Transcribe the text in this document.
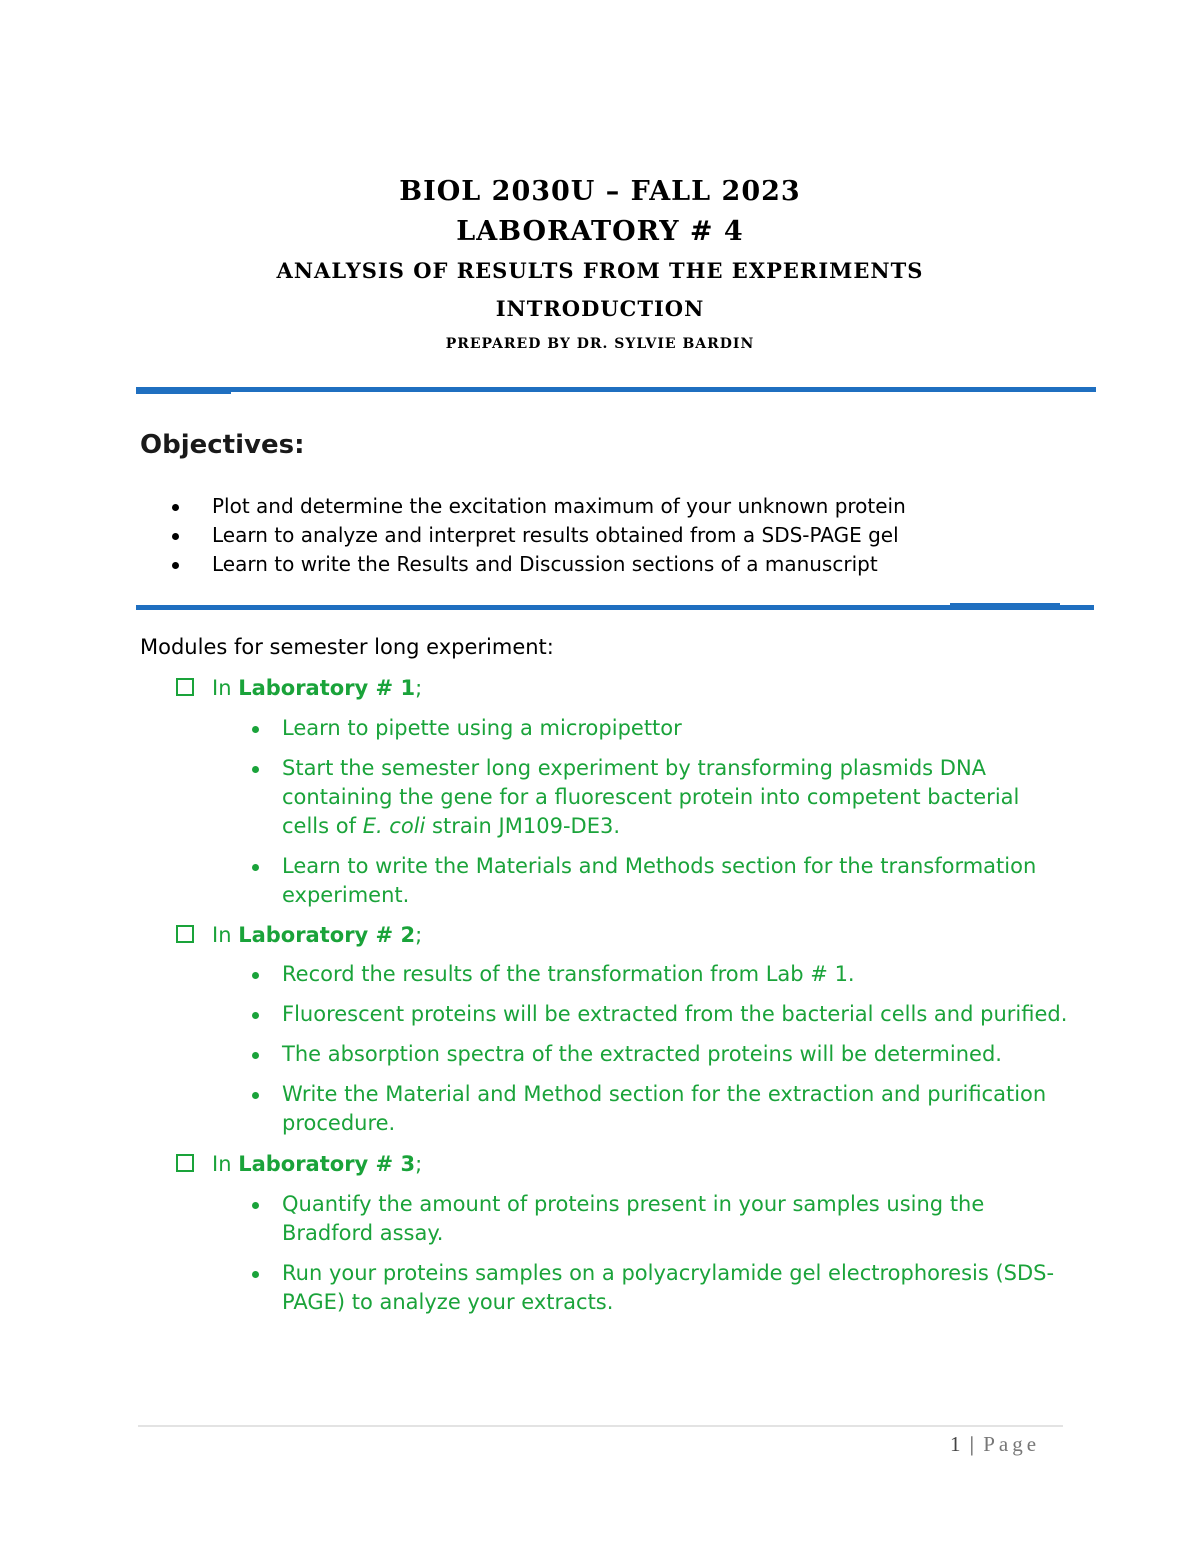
BIOL 2030U – FALL 2023
LABORATORY # 4
ANALYSIS OF RESULTS FROM THE EXPERIMENTS
INTRODUCTION
PREPARED BY DR. SYLVIE BARDIN
Objectives:
Plot and determine the excitation maximum of your unknown protein
Learn to analyze and interpret results obtained from a SDS-PAGE gel
Learn to write the Results and Discussion sections of a manuscript
Modules for semester long experiment:
In Laboratory # 1;
Learn to pipette using a micropipettor
Start the semester long experiment by transforming plasmids DNA containing the gene for a fluorescent protein into competent bacterial cells of E. coli strain JM109-DE3.
Learn to write the Materials and Methods section for the transformation experiment.
In Laboratory # 2;
Record the results of the transformation from Lab # 1.
Fluorescent proteins will be extracted from the bacterial cells and purified.
The absorption spectra of the extracted proteins will be determined.
Write the Material and Method section for the extraction and purification procedure.
In Laboratory # 3;
Quantify the amount of proteins present in your samples using the Bradford assay.
Run your proteins samples on a polyacrylamide gel electrophoresis (SDS-PAGE) to analyze your extracts.
1 | Page
